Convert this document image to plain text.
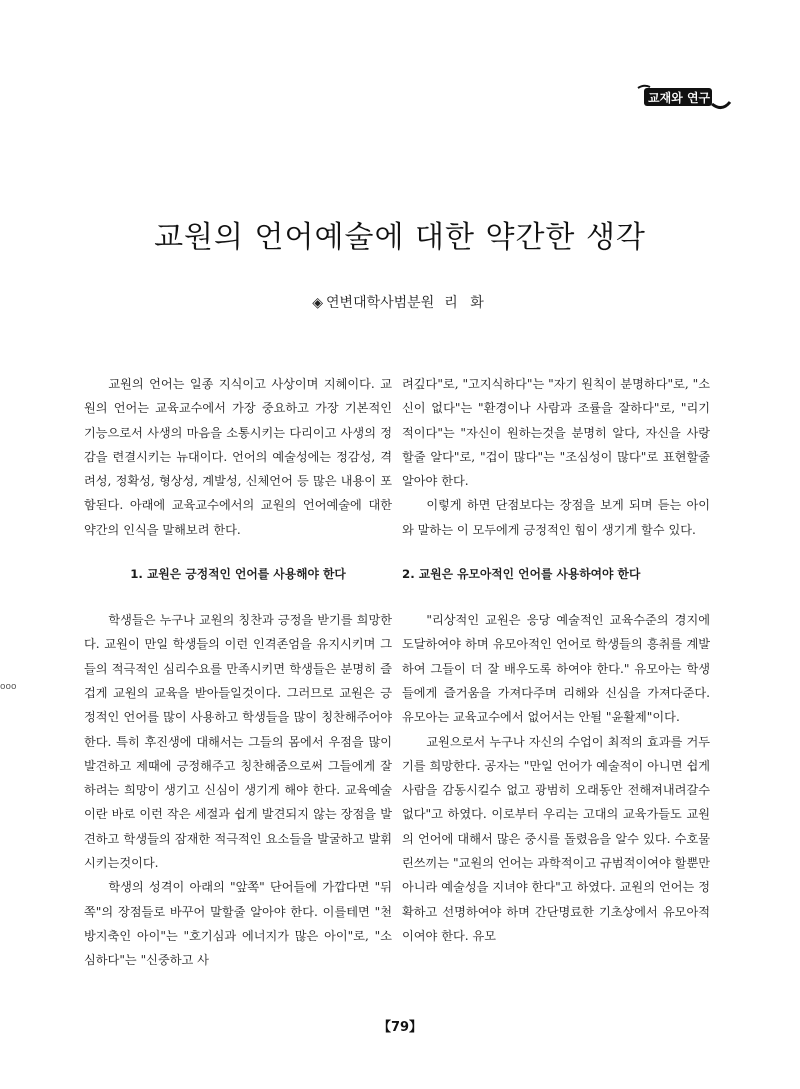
교재와 연구
교원의 언어예술에 대한 약간한 생각
◈ 연변대학사범분원 리 화

교원의 언어는 일종 지식이고 사상이며 지혜이다. 교원의 언어는 교육교수에서 가장 중요하고 가장 기본적인 기능으로서 사생의 마음을 소통시키는 다리이고 사생의 정감을 련결시키는 뉴대이다. 언어의 예술성에는 정감성, 격려성, 정확성, 형상성, 계발성, 신체언어 등 많은 내용이 포함된다. 아래에 교육교수에서의 교원의 언어예술에 대한 약간의 인식을 말해보려 한다.

1. 교원은 긍정적인 언어를 사용해야 한다

학생들은 누구나 교원의 칭찬과 긍정을 받기를 희망한다. 교원이 만일 학생들의 이런 인격존엄을 유지시키며 그들의 적극적인 심리수요를 만족시키면 학생들은 분명히 즐겁게 교원의 교육을 받아들일것이다. 그러므로 교원은 긍정적인 언어를 많이 사용하고 학생들을 많이 칭찬해주어야 한다. 특히 후진생에 대해서는 그들의 몸에서 우점을 많이 발견하고 제때에 긍정해주고 칭찬해줌으로써 그들에게 잘하려는 희망이 생기고 신심이 생기게 해야 한다. 교육예술이란 바로 이런 작은 세절과 쉽게 발견되지 않는 장점을 발견하고 학생들의 잠재한 적극적인 요소들을 발굴하고 발휘시키는것이다.

학생의 성격이 아래의 "앞쪽" 단어들에 가깝다면 "뒤쪽"의 장점들로 바꾸어 말할줄 알아야 한다. 이를테면 "천방지축인 아이"는 "호기심과 에너지가 많은 아이"로, "소심하다"는 "신중하고 사

려깊다"로, "고지식하다"는 "자기 원칙이 분명하다"로, "소신이 없다"는 "환경이나 사람과 조률을 잘하다"로, "리기적이다"는 "자신이 원하는것을 분명히 알다, 자신을 사랑할줄 알다"로, "겁이 많다"는 "조심성이 많다"로 표현할줄 알아야 한다.

이렇게 하면 단점보다는 장점을 보게 되며 듣는 아이와 말하는 이 모두에게 긍정적인 힘이 생기게 할수 있다.

2. 교원은 유모아적인 언어를 사용하여야 한다

"리상적인 교원은 응당 예술적인 교육수준의 경지에 도달하여야 하며 유모아적인 언어로 학생들의 흥취를 계발하여 그들이 더 잘 배우도록 하여야 한다." 유모아는 학생들에게 즐거움을 가져다주며 리해와 신심을 가져다준다. 유모아는 교육교수에서 없어서는 안될 "윤활제"이다.

교원으로서 누구나 자신의 수업이 최적의 효과를 거두기를 희망한다. 공자는 "만일 언어가 예술적이 아니면 쉽게 사람을 감동시킬수 없고 광범히 오래동안 전해져내려갈수 없다"고 하였다. 이로부터 우리는 고대의 교육가들도 교원의 언어에 대해서 많은 중시를 돌렸음을 알수 있다. 수호물린쓰끼는 "교원의 언어는 과학적이고 규범적이여야 할뿐만아니라 예술성을 지녀야 한다"고 하였다. 교원의 언어는 정확하고 선명하여야 하며 간단명료한 기초상에서 유모아적이여야 한다. 유모

ooo
【79】
